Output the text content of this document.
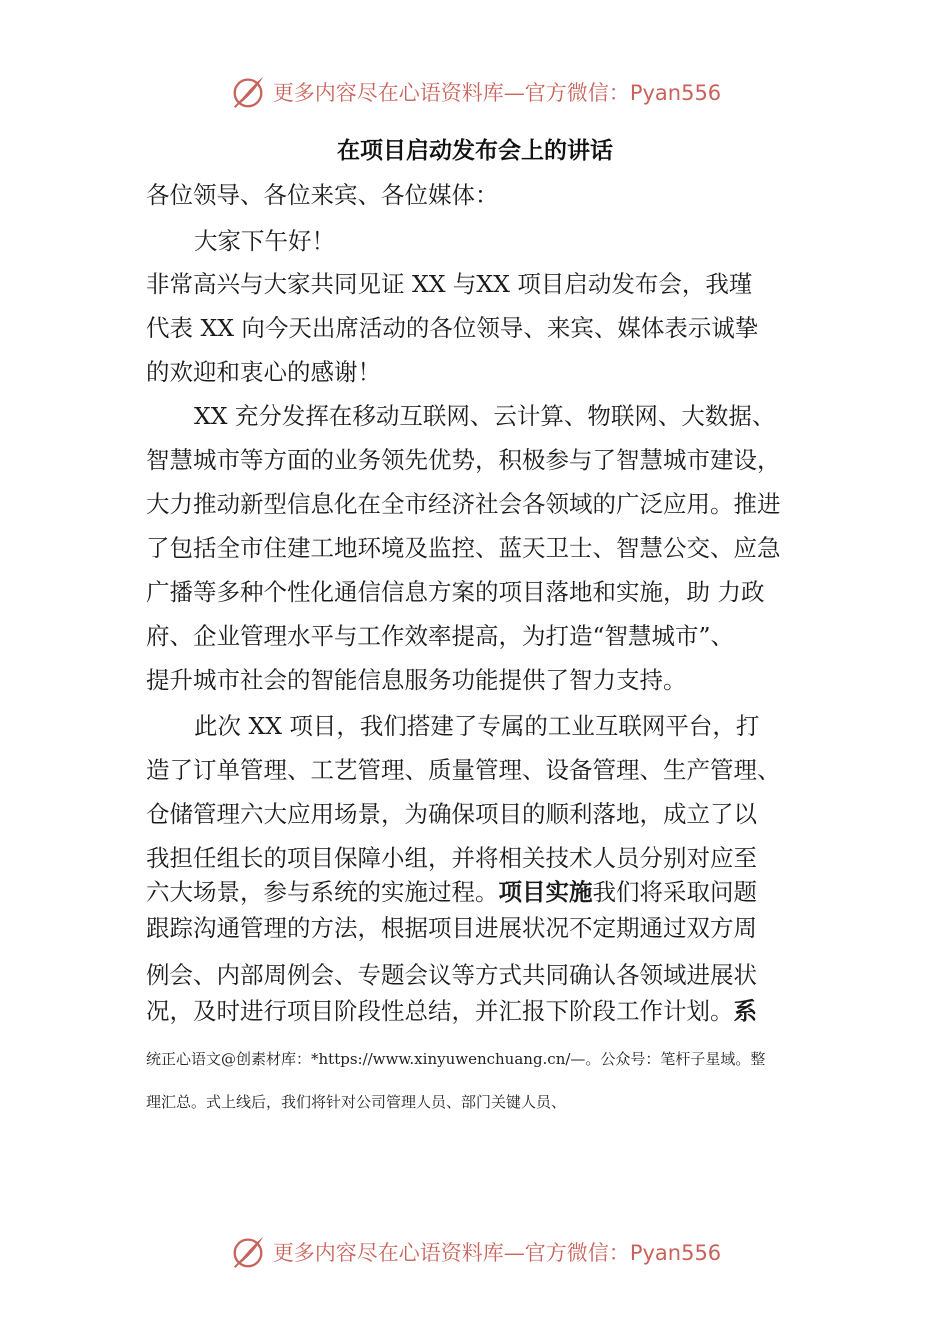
更多内容尽在心语资料库—官方微信：Pyan556
在项目启动发布会上的讲话
各位领导、各位来宾、各位媒体：
大家下午好！
非常高兴与大家共同见证 XX 与XX 项目启动发布会，我瑾
代表 XX 向今天出席活动的各位领导、来宾、媒体表示诚挚
的欢迎和衷心的感谢！
XX 充分发挥在移动互联网、云计算、物联网、大数据、
智慧城市等方面的业务领先优势，积极参与了智慧城市建设，
大力推动新型信息化在全市经济社会各领域的广泛应用。推进
了包括全市住建工地环境及监控、蓝天卫士、智慧公交、应急
广播等多种个性化通信信息方案的项目落地和实施，助 力政
府、企业管理水平与工作效率提高，为打造“智慧城市”、
提升城市社会的智能信息服务功能提供了智力支持。
此次 XX 项目，我们搭建了专属的工业互联网平台，打
造了订单管理、工艺管理、质量管理、设备管理、生产管理、
仓储管理六大应用场景，为确保项目的顺利落地，成立了以
我担任组长的项目保障小组，并将相关技术人员分别对应至
六大场景，参与系统的实施过程。项目实施我们将采取问题
跟踪沟通管理的方法，根据项目进展状况不定期通过双方周
例会、内部周例会、专题会议等方式共同确认各领域进展状
况，及时进行项目阶段性总结，并汇报下阶段工作计划。系
统正心语文@创素材库：*https://www.xinyuwenchuang.cn/—。公众号：笔杆子星域。整
理汇总。式上线后，我们将针对公司管理人员、部门关键人员、
更多内容尽在心语资料库—官方微信：Pyan556
